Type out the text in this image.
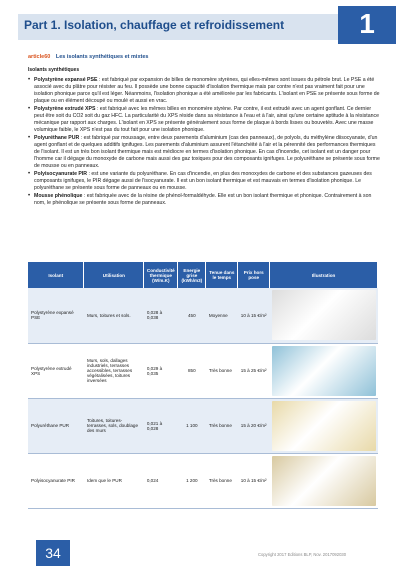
Part 1. Isolation, chauffage et refroidissement	1
article60 Les isolants synthétiques et mixtes
Isolants synthétiques
• Polystyrène expansé PSE : est fabriqué par expansion de billes de monomère styrènes, qui elles-mêmes sont issues du pétrole brut. Le PSE a été associé avec du plâtre pour résister au feu. Il possède une bonne capacité d'isolation thermique mais par contre n'est pas vraiment fait pour une isolation phonique parce qu'il est léger. Néanmoins, l'isolation phonique a été améliorée par les fabricants. L'isolant en PSE se présente sous forme de plaque ou en élément découpé ou moulé et aussi en vrac.
• Polystyrène extrudé XPS : est fabriqué avec les mêmes billes en monomère styrène. Par contre, il est extrudé avec un agent gonflant. Ce dernier peut être soit du CO2 soit du gaz HFC. La particularité du XPS réside dans sa résistance à l'eau et à l'air, ainsi qu'une certaine aptitude à la résistance mécanique par rapport aux charges. L'isolant en XPS se présente généralement sous forme de plaque à bords lisses ou bouvetés. Avec une masse volumique faible, le XPS n'est pas du tout fait pour une isolation phonique.
• Polyuréthane PUR : est fabriqué par moussage, entre deux parements d'aluminium (cas des panneaux), de polyols, du méthylène diisocyanate, d'un agent gonflant et de quelques additifs ignifuges. Les parements d'aluminium assurent l'étanchéité à l'air et la pérennité des performances thermiques de l'isolant. Il est un très bon isolant thermique mais est médiocre en termes d'isolation phonique. En cas d'incendie, cet isolant est un danger pour l'homme car il dégage du monoxyde de carbone mais aussi des gaz toxiques pour des composants ignifuges. Le polyuréthane se présente sous forme de mousse ou en panneaux.
• Polyisocyanurate PIR : est une variante du polyuréthane. En cas d'incendie, en plus des monoxydes de carbone et des substances gazeuses des composants ignifuges, le PIR dégage aussi de l'isocyanurate. Il est un bon isolant thermique et est mauvais en termes d'isolation phonique. Le polyuréthane se présente sous forme de panneaux ou en mousse.
• Mousse phénolique : est fabriquée avec de la résine de phénol-formaldéhyde. Elle est un bon isolant thermique et phonique. Contrairement à son nom, le phénolique se présente sous forme de panneaux.
Isolant	Utilisation	Conductivité thermique (W/m.K)	Energie grise (kWh/m3)	Tenue dans le temps	Prix hors pose	Illustration
Polystyrène expansé PSE	Murs, toitures et sols.	0,028 à 0,038	450	Moyenne	10 à 15 €/m²	

Polystyrène extrudé XPS	Murs, sols, dallages industriels, terrasses accessibles, terrasses végétalisées, toitures inversées	0,029 à 0,035	850	Très bonne	15 à 25 €/m²	

Polyuréthane PUR	Toitures, toitures-terrasses, sols, doublage des murs	0,021 à 0,028	1 100	Très bonne	15 à 20 €/m²	

Polyisocyanurate PIR	Idem que le PUR	0,024	1 200	Très bonne	10 à 15 €/m²	
34	Copyright 2017 Editions BLP, Nov. 2017092030
